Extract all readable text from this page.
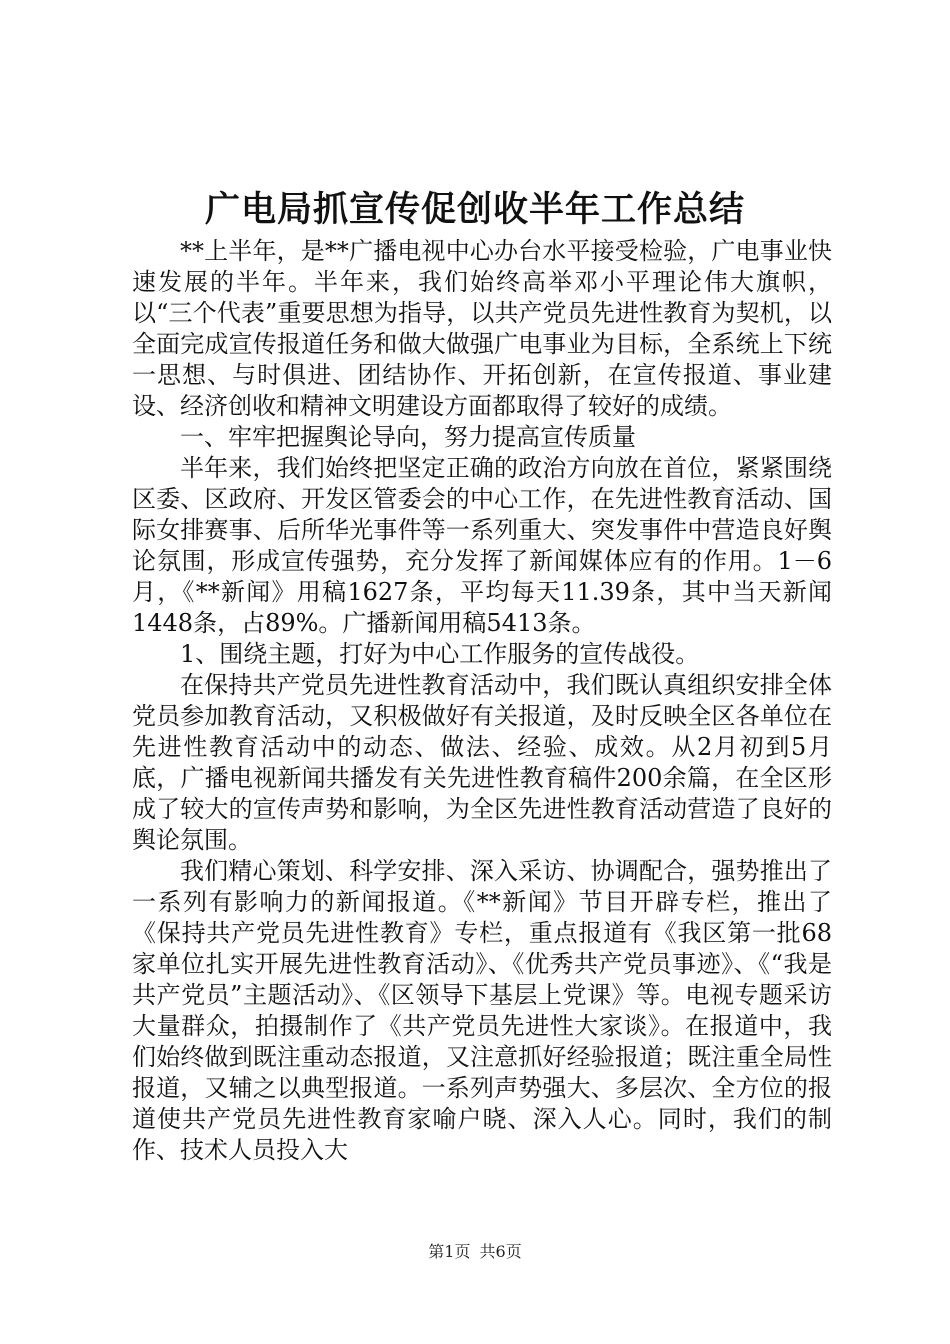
广电局抓宣传促创收半年工作总结

**上半年，是**广播电视中心办台水平接受检验，广电事业快速发展的半年。半年来，我们始终高举邓小平理论伟大旗帜，以“三个代表”重要思想为指导，以共产党员先进性教育为契机，以全面完成宣传报道任务和做大做强广电事业为目标，全系统上下统一思想、与时俱进、团结协作、开拓创新，在宣传报道、事业建设、经济创收和精神文明建设方面都取得了较好的成绩。

一、牢牢把握舆论导向，努力提高宣传质量

半年来，我们始终把坚定正确的政治方向放在首位，紧紧围绕区委、区政府、开发区管委会的中心工作，在先进性教育活动、国际女排赛事、后所华光事件等一系列重大、突发事件中营造良好舆论氛围，形成宣传强势，充分发挥了新闻媒体应有的作用。1－6月，《**新闻》用稿1627条，平均每天11.39条，其中当天新闻1448条，占89%。广播新闻用稿5413条。

1、围绕主题，打好为中心工作服务的宣传战役。

在保持共产党员先进性教育活动中，我们既认真组织安排全体党员参加教育活动，又积极做好有关报道，及时反映全区各单位在先进性教育活动中的动态、做法、经验、成效。从2月初到5月底，广播电视新闻共播发有关先进性教育稿件200余篇，在全区形成了较大的宣传声势和影响，为全区先进性教育活动营造了良好的舆论氛围。

我们精心策划、科学安排、深入采访、协调配合，强势推出了一系列有影响力的新闻报道。《**新闻》节目开辟专栏，推出了《保持共产党员先进性教育》专栏，重点报道有《我区第一批68家单位扎实开展先进性教育活动》、《优秀共产党员事迹》、《“我是共产党员”主题活动》、《区领导下基层上党课》等。电视专题采访大量群众，拍摄制作了《共产党员先进性大家谈》。在报道中，我们始终做到既注重动态报道，又注意抓好经验报道；既注重全局性报道，又辅之以典型报道。一系列声势强大、多层次、全方位的报道使共产党员先进性教育家喻户晓、深入人心。同时，我们的制作、技术人员投入大

第1页 共6页
